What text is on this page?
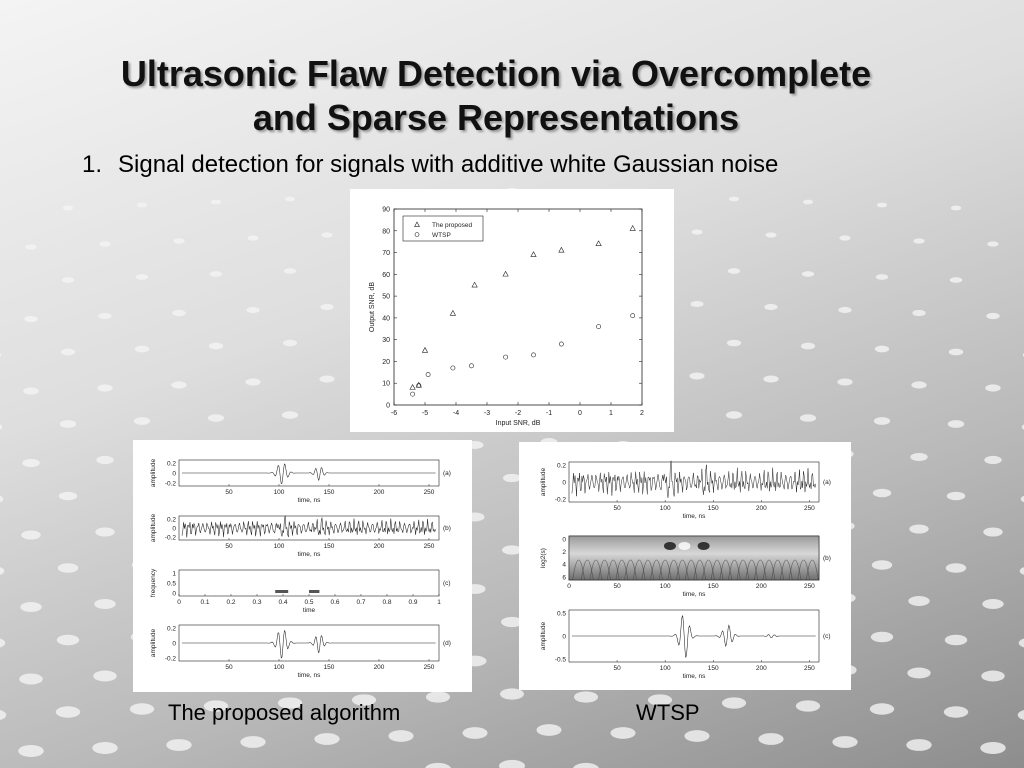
Ultrasonic Flaw Detection via Overcomplete
and Sparse Representations

1. Signal detection for signals with additive white Gaussian noise

-6	-5	-4	-3	-2	-1	0	1	2
0
10
20
30
40
50
60
70
80
90
Input SNR, dB
Output SNR, dB
The proposed
WTSP
50	100	150	200	250
0.2
0
-0.2
time, ns
amplitude	(a)
50	100	150	200	250
0.2
0
-0.2
time, ns
amplitude	(b)
0	0.1	0.2	0.3	0.4	0.5	0.6	0.7	0.8	0.9	1
1
0.5
0
time
frequency	(c)
50	100	150	200	250
0.2
0
-0.2
time, ns
amplitude	(d)
50	100	150	200	250
0.2
0
-0.2
time, ns
amplitude	(a)
0	50	100	150	200	250
0
2
4
6
time, ns
log2(s)	(b)
50	100	150	200	250
0.5
0
-0.5
time, ns
amplitude	(c)
The proposed algorithm	WTSP
